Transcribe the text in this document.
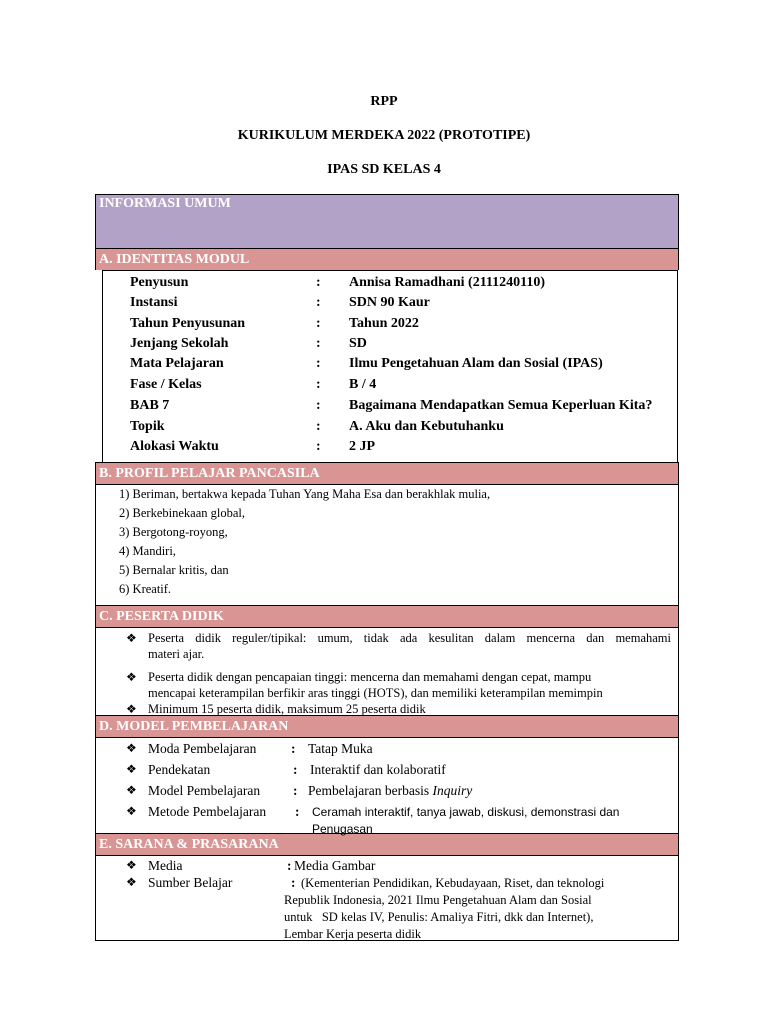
RPP
KURIKULUM MERDEKA 2022 (PROTOTIPE)
IPAS SD KELAS 4
INFORMASI UMUM
A. IDENTITAS MODUL
Penyusun	: Annisa Ramadhani (2111240110)
Instansi	: SDN 90 Kaur
Tahun Penyusunan	: Tahun 2022
Jenjang Sekolah	: SD
Mata Pelajaran	: Ilmu Pengetahuan Alam dan Sosial (IPAS)
Fase / Kelas	: B / 4
BAB 7	: Bagaimana Mendapatkan Semua Keperluan Kita?
Topik	: A. Aku dan Kebutuhanku
Alokasi Waktu	: 2 JP
B. PROFIL PELAJAR PANCASILA
1) Beriman, bertakwa kepada Tuhan Yang Maha Esa dan berakhlak mulia,
2) Berkebinekaan global,
3) Bergotong-royong,
4) Mandiri,
5) Bernalar kritis, dan
6) Kreatif.
C. PESERTA DIDIK
❖ Peserta didik reguler/tipikal: umum, tidak ada kesulitan dalam mencerna dan memahami
materi ajar.
❖ Peserta didik dengan pencapaian tinggi: mencerna dan memahami dengan cepat, mampu
mencapai keterampilan berfikir aras tinggi (HOTS), dan memiliki keterampilan memimpin
❖ Minimum 15 peserta didik, maksimum 25 peserta didik
D. MODEL PEMBELAJARAN
❖ Moda Pembelajaran	: Tatap Muka
❖ Pendekatan	: Interaktif dan kolaboratif
❖ Model Pembelajaran : Pembelajaran berbasis Inquiry
❖ Metode Pembelajaran : Ceramah interaktif, tanya jawab, diskusi, demonstrasi dan
Penugasan
E. SARANA & PRASARANA
❖ Media	: Media Gambar
❖ Sumber Belajar	: (Kementerian Pendidikan, Kebudayaan, Riset, dan teknologi
Republik Indonesia, 2021 Ilmu Pengetahuan Alam dan Sosial
untuk   SD kelas IV, Penulis: Amaliya Fitri, dkk dan Internet),
Lembar Kerja peserta didik
